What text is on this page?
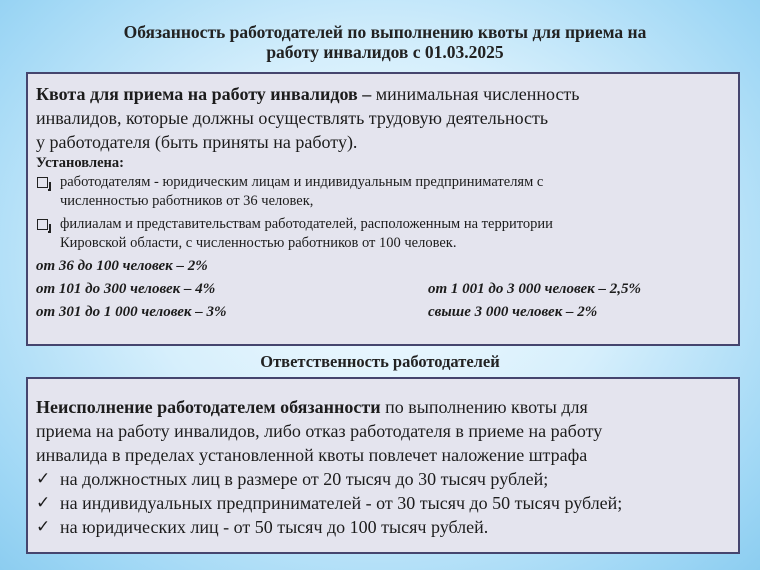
Обязанность работодателей по выполнению квоты для приема на
работу инвалидов с 01.03.2025
Квота для приема на работу инвалидов – минимальная численность
инвалидов, которые должны осуществлять трудовую деятельность
у работодателя (быть приняты на работу).
Установлена:
работодателям - юридическим лицам и индивидуальным предпринимателям с
численностью работников от 36 человек,
филиалам и представительствам работодателей, расположенным на территории
Кировской области, с численностью работников от 100 человек.
от 36 до 100 человек – 2%
от 101 до 300 человек – 4%	от 1 001 до 3 000 человек – 2,5%
от 301 до 1 000 человек – 3%	свыше 3 000 человек – 2%
Ответственность работодателей
Неисполнение работодателем обязанности по выполнению квоты для
приема на работу инвалидов, либо отказ работодателя в приеме на работу
инвалида в пределах установленной квоты повлечет наложение штрафа
✓ на должностных лиц в размере от 20 тысяч до 30 тысяч рублей;
✓ на индивидуальных предпринимателей - от 30 тысяч до 50 тысяч рублей;
✓ на юридических лиц - от 50 тысяч до 100 тысяч рублей.
